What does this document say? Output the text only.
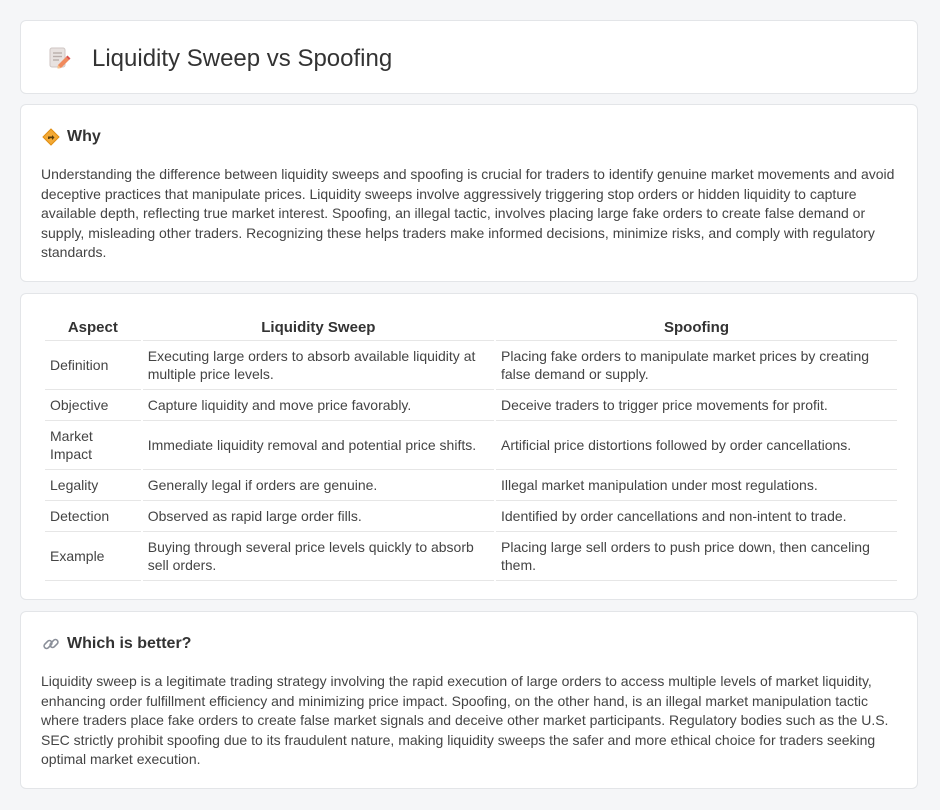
Liquidity Sweep vs Spoofing
Why

Understanding the difference between liquidity sweeps and spoofing is crucial for traders to identify genuine market movements and avoid deceptive practices that manipulate prices. Liquidity sweeps involve aggressively triggering stop orders or hidden liquidity to capture available depth, reflecting true market interest. Spoofing, an illegal tactic, involves placing large fake orders to create false demand or supply, misleading other traders. Recognizing these helps traders make informed decisions, minimize risks, and comply with regulatory standards.

Aspect	Liquidity Sweep	Spoofing
Definition	Executing large orders to absorb available liquidity at multiple price levels.	Placing fake orders to manipulate market prices by creating false demand or supply.
Objective	Capture liquidity and move price favorably.	Deceive traders to trigger price movements for profit.
Market Impact	Immediate liquidity removal and potential price shifts.	Artificial price distortions followed by order cancellations.
Legality	Generally legal if orders are genuine.	Illegal market manipulation under most regulations.
Detection	Observed as rapid large order fills.	Identified by order cancellations and non-intent to trade.
Example	Buying through several price levels quickly to absorb sell orders.	Placing large sell orders to push price down, then canceling them.
Which is better?

Liquidity sweep is a legitimate trading strategy involving the rapid execution of large orders to access multiple levels of market liquidity, enhancing order fulfillment efficiency and minimizing price impact. Spoofing, on the other hand, is an illegal market manipulation tactic where traders place fake orders to create false market signals and deceive other market participants. Regulatory bodies such as the U.S. SEC strictly prohibit spoofing due to its fraudulent nature, making liquidity sweeps the safer and more ethical choice for traders seeking optimal market execution.
